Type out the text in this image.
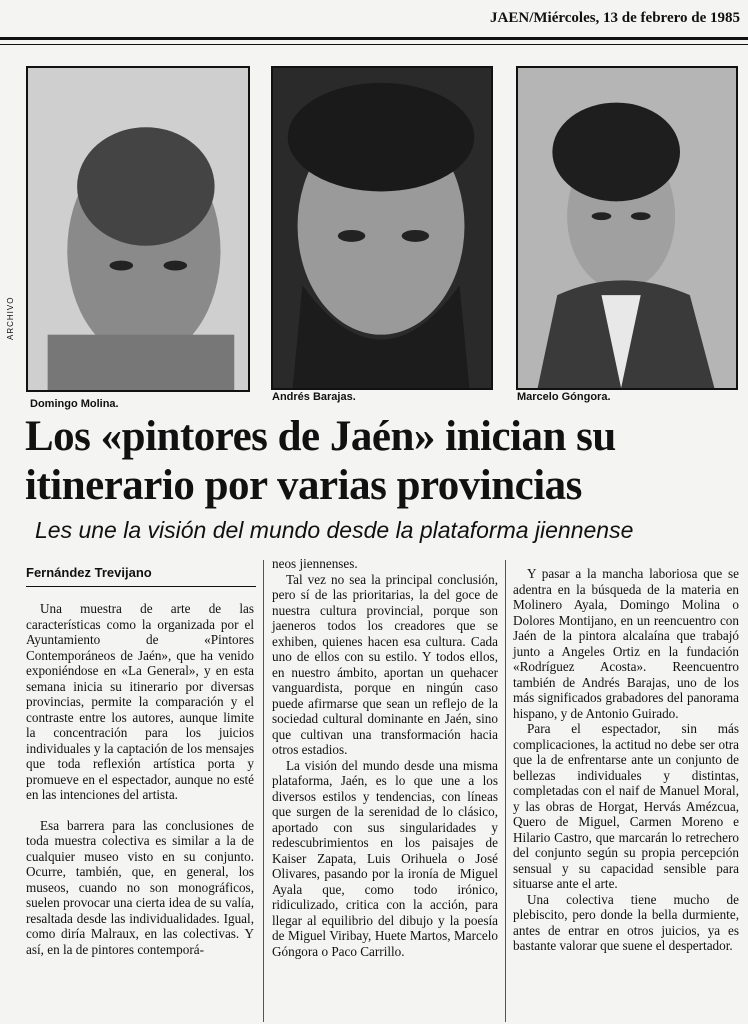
JAEN/Miércoles, 13 de febrero de 1985
ARCHIVO
Domingo Molina.
Andrés Barajas.	Marcelo Góngora.
Los «pintores de Jaén» inician su
itinerario por varias provincias
Les une la visión del mundo desde la plataforma jiennense
Fernández Trevijano

Una muestra de arte de las características como la organizada por el Ayuntamiento de «Pintores Contemporáneos de Jaén», que ha venido exponiéndose en «La General», y en esta semana inicia su itinerario por diversas provincias, permite la comparación y el contraste entre los autores, aunque limite la concentración para los juicios individuales y la captación de los mensajes que toda reflexión artística porta y promueve en el espectador, aunque no esté en las intenciones del artista.

Esa barrera para las conclusiones de toda muestra colectiva es similar a la de cualquier museo visto en su conjunto. Ocurre, también, que, en general, los museos, cuando no son monográficos, suelen provocar una cierta idea de su valía, resaltada desde las individualidades. Igual, como diría Malraux, en las colectivas. Y así, en la de pintores contemporá-

neos jiennenses.

Tal vez no sea la principal conclusión, pero sí de las prioritarias, la del goce de nuestra cultura provincial, porque son jaeneros todos los creadores que se exhiben, quienes hacen esa cultura. Cada uno de ellos con su estilo. Y todos ellos, en nuestro ámbito, aportan un quehacer vanguardista, porque en ningún caso puede afirmarse que sean un reflejo de la sociedad cultural dominante en Jaén, sino que cultivan una transformación hacia otros estadios.

La visión del mundo desde una misma plataforma, Jaén, es lo que une a los diversos estilos y tendencias, con líneas que surgen de la serenidad de lo clásico, aportado con sus singularidades y redescubrimientos en los paisajes de Kaiser Zapata, Luis Orihuela o José Olivares, pasando por la ironía de Miguel Ayala que, como todo irónico, ridiculizado, critica con la acción, para llegar al equilibrio del dibujo y la poesía de Miguel Viribay, Huete Martos, Marcelo Góngora o Paco Carrillo.

Y pasar a la mancha laboriosa que se adentra en la búsqueda de la materia en Molinero Ayala, Domingo Molina o Dolores Montijano, en un reencuentro con Jaén de la pintora alcalaína que trabajó junto a Angeles Ortiz en la fundación «Rodríguez Acosta». Reencuentro también de Andrés Barajas, uno de los más significados grabadores del panorama hispano, y de Antonio Guirado.

Para el espectador, sin más complicaciones, la actitud no debe ser otra que la de enfrentarse ante un conjunto de bellezas individuales y distintas, completadas con el naif de Manuel Moral, y las obras de Horgat, Hervás Amézcua, Quero de Miguel, Carmen Moreno e Hilario Castro, que marcarán lo retrechero del conjunto según su propia percepción sensual y su capacidad sensible para situarse ante el arte.

Una colectiva tiene mucho de plebiscito, pero donde la bella durmiente, antes de entrar en otros juicios, ya es bastante valorar que suene el despertador.
